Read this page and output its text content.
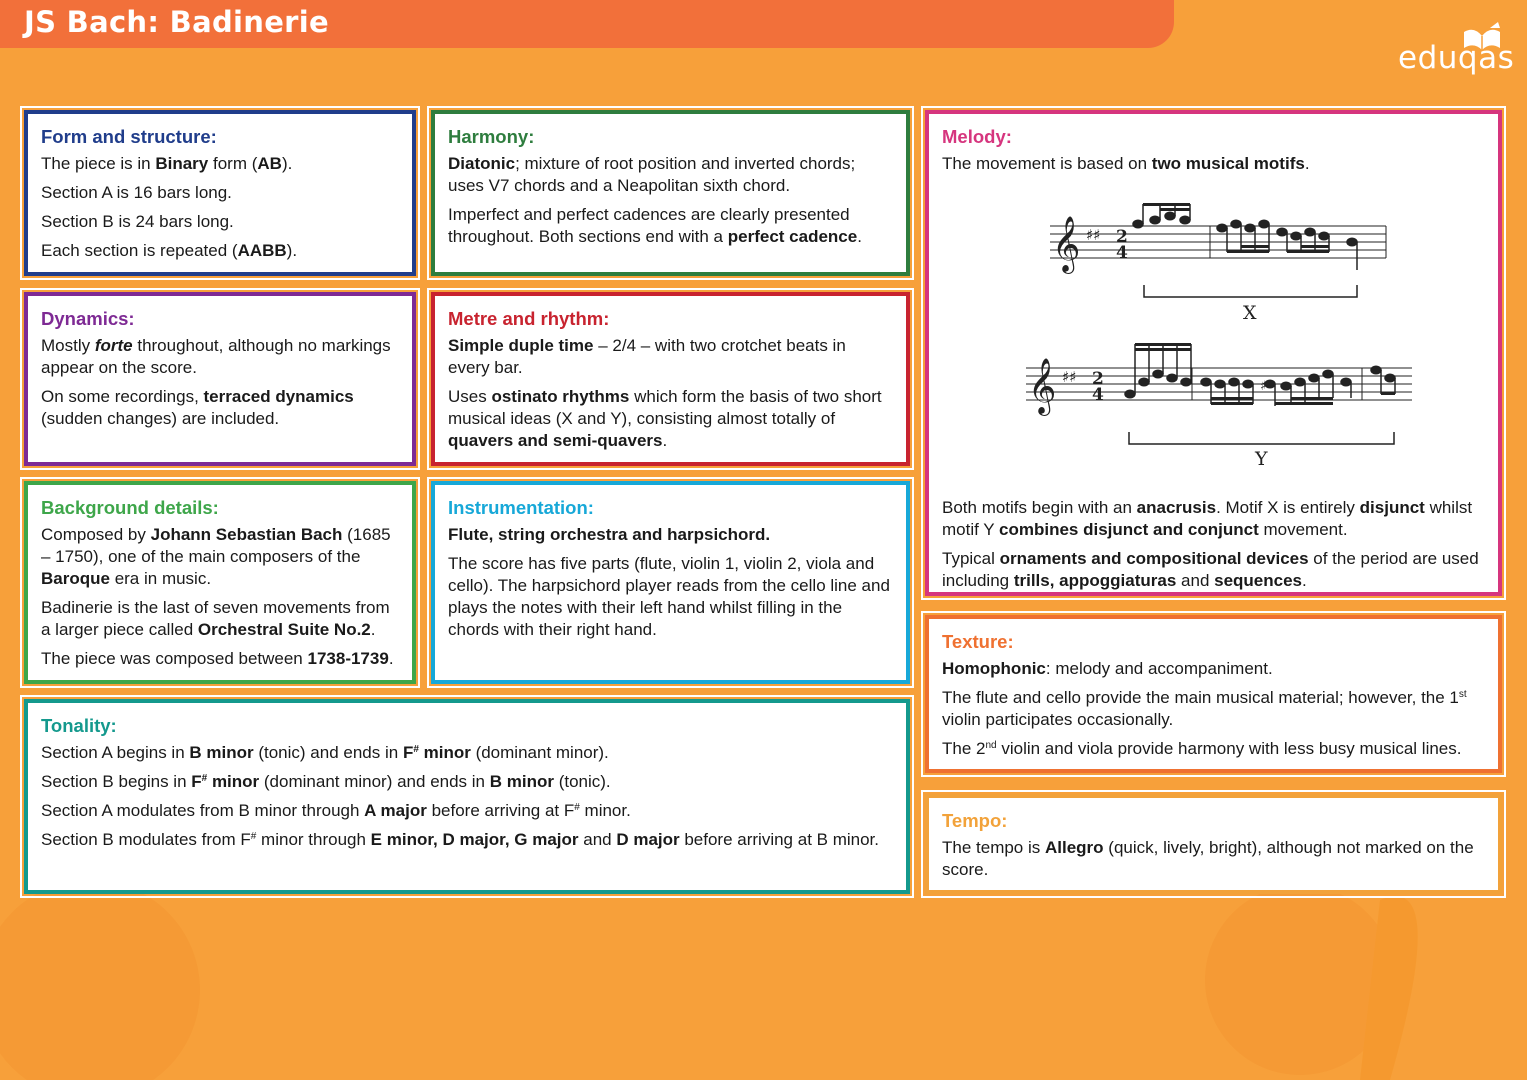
JS Bach: Badinerie
eduqas
Form and structure:

The piece is in Binary form (AB).

Section A is 16 bars long.

Section B is 24 bars long.

Each section is repeated (AABB).

Harmony:

Diatonic; mixture of root position and inverted chords; uses V7 chords and a Neapolitan sixth chord.

Imperfect and perfect cadences are clearly presented throughout. Both sections end with a perfect cadence.

Melody:

The movement is based on two musical motifs.

𝄞 ♯♯ 2
4
X
𝄞 ♯♯ 2
4	♯
Y

Both motifs begin with an anacrusis. Motif X is entirely disjunct whilst motif Y combines disjunct and conjunct movement.

Typical ornaments and compositional devices of the period are used including trills, appoggiaturas and sequences.

Dynamics:

Mostly forte throughout, although no markings appear on the score.

On some recordings, terraced dynamics (sudden changes) are included.

Metre and rhythm:

Simple duple time – 2/4 – with two crotchet beats in every bar.

Uses ostinato rhythms which form the basis of two short musical ideas (X and Y), consisting almost totally of quavers and semi-quavers.

Background details:

Composed by Johann Sebastian Bach (1685 – 1750), one of the main composers of the Baroque era in music.

Badinerie is the last of seven movements from a larger piece called Orchestral Suite No.2.

The piece was composed between 1738-1739.

Instrumentation:

Flute, string orchestra and harpsichord.

The score has five parts (flute, violin 1, violin 2, viola and cello). The harpsichord player reads from the cello line and plays the notes with their left hand whilst filling in the chords with their right hand.

Tonality:

Section A begins in B minor (tonic) and ends in F# minor (dominant minor).

Section B begins in F# minor (dominant minor) and ends in B minor (tonic).

Section A modulates from B minor through A major before arriving at F# minor.

Section B modulates from F# minor through E minor, D major, G major and D major before arriving at B minor.

Texture:

Homophonic: melody and accompaniment.

The flute and cello provide the main musical material; however, the 1st violin participates occasionally.

The 2nd violin and viola provide harmony with less busy musical lines.

Tempo:

The tempo is Allegro (quick, lively, bright), although not marked on the score.
